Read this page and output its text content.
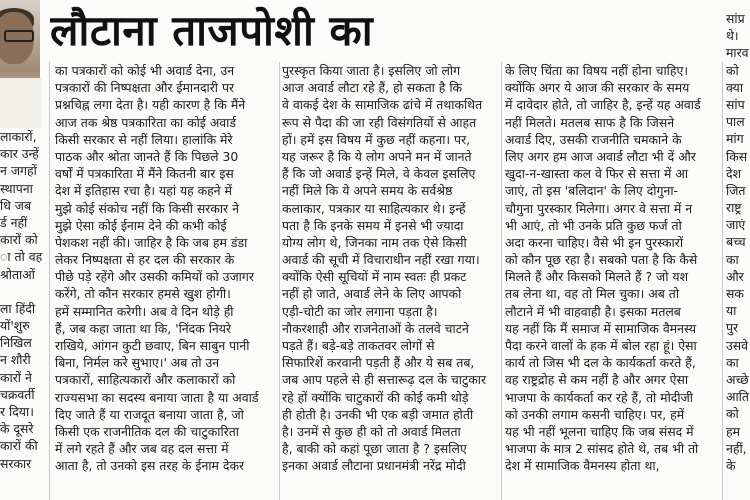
लौटाना ताजपोशी का
लाकारों,
कार उन्हें
न जगहों
स्थापना
धि जब
र्ड नहीं
कारों को
ा तो वह
श्रोताओं
ला हिंदी
यों'शुरु
निखिल
न शौरी
कारों ने
चक्रवर्ती
र दिया।
के दूसरे
कारों की
सरकार
का पत्रकारों को कोई भी अवार्ड देना, उन
पत्रकारों की निष्पक्षता और ईमानदारी पर
प्रश्नचिह्न लगा देता है। यही कारण है कि मैंने
आज तक श्रेष्ठ पत्रकारिता का कोई अवार्ड
किसी सरकार से नहीं लिया। हालांकि मेरे
पाठक और श्रोता जानते हैं कि पिछले 30
वर्षों में पत्रकारिता में मैंने कितनी बार इस
देश में इतिहास रचा है। यहां यह कहने में
मुझे कोई संकोच नहीं कि किसी सरकार ने
मुझे ऐसा कोई ईनाम देने की कभी कोई
पेशकश नहीं की। जाहिर है कि जब हम डंडा
लेकर निष्पक्षता से हर दल की सरकार के
पीछे पड़े रहेंगे और उसकी कमियों को उजागर
करेंगे, तो कौन सरकार हमसे खुश होगी।
हमें सम्मानित करेगी। अब वे दिन थोड़े ही
हैं, जब कहा जाता था कि, 'निंदक नियरे
राखिये, आंगन कुटी छवाए, बिन साबुन पानी
बिना, निर्मल करे सुभाए।' अब तो उन
पत्रकारों, साहित्यकारों और कलाकारों को
राज्यसभा का सदस्य बनाया जाता है या अवार्ड
दिए जाते हैं या राजदूत बनाया जाता है, जो
किसी एक राजनीतिक दल की चाटुकारिता
में लगे रहते हैं और जब वह दल सत्ता में
आता है, तो उनको इस तरह के ईनाम देकर
पुरस्कृत किया जाता है। इसलिए जो लोग
आज अवार्ड लौटा रहे हैं, हो सकता है कि
वे वाकई देश के सामाजिक ढांचे में तथाकथित
रूप से पैदा की जा रही विसंगतियों से आहत
हों। हमें इस विषय में कुछ नहीं कहना। पर,
यह जरूर है कि ये लोग अपने मन में जानते
हैं कि जो अवार्ड इन्हें मिले, वे केवल इसलिए
नहीं मिले कि ये अपने समय के सर्वश्रेष्ठ
कलाकार, पत्रकार या साहित्यकार थे। इन्हें
पता है कि इनके समय में इनसे भी ज्यादा
योग्य लोग थे, जिनका नाम तक ऐसे किसी
अवार्ड की सूची में विचाराधीन नहीं रखा गया।
क्योंकि ऐसी सूचियों में नाम स्वतः ही प्रकट
नहीं हो जाते, अवार्ड लेने के लिए आपको
एड़ी-चोटी का जोर लगाना पड़ता है।
नौकरशाही और राजनेताओं के तलवे चाटने
पड़ते हैं। बड़े-बड़े ताकतवर लोगों से
सिफारिशें करवानी पड़ती हैं और ये सब तब,
जब आप पहले से ही सत्तारूढ़ दल के चाटुकार
रहे हों क्योंकि चाटुकारों की कोई कमी थोड़े
ही होती है। उनकी भी एक बड़ी जमात होती
है। उनमें से कुछ ही को तो अवार्ड मिलता
है, बाकी को कहां पूछा जाता है ? इसलिए
इनका अवार्ड लौटाना प्रधानमंत्री नरेंद्र मोदी
के लिए चिंता का विषय नहीं होना चाहिए।
क्योंकि अगर ये आज की सरकार के समय
में दावेदार होते, तो जाहिर है, इन्हें यह अवार्ड
नहीं मिलते। मतलब साफ है कि जिसने
अवार्ड दिए, उसकी राजनीति चमकाने के
लिए अगर हम आज अवार्ड लौटा भी दें और
खुदा-न-खास्ता कल वे फिर से सत्ता में आ
जाएं, तो इस 'बलिदान' के लिए दोगुना-
चौगुना पुरस्कार मिलेगा। अगर वे सत्ता में न
भी आएं, तो भी उनके प्रति कुछ फर्ज तो
अदा करना चाहिए। वैसे भी इन पुरस्कारों
को कौन पूछ रहा है। सबको पता है कि कैसे
मिलते हैं और किसको मिलते हैं ? जो यश
तब लेना था, वह तो मिल चुका। अब तो
लौटाने में भी वाहवाही है। इसका मतलब
यह नहीं कि मैं समाज में सामाजिक वैमनस्य
पैदा करने वालों के हक में बोल रहा हूं। ऐसा
कार्य तो जिस भी दल के कार्यकर्ता करते हैं,
वह राष्ट्रद्रोह से कम नहीं है और अगर ऐसा
भाजपा के कार्यकर्ता कर रहे हैं, तो मोदीजी
को उनकी लगाम कसनी चाहिए। पर, हमें
यह भी नहीं भूलना चाहिए कि जब संसद में
भाजपा के मात्र 2 सांसद होते थे, तब भी तो
देश में सामाजिक वैमनस्य होता था,
सांप्र
थे।
मारव
को
क्या
सांप
पाल
मांग
किस
देश
जित
राष्ट्र
जाएं
बच्च
का
और
सक
या
पुर
उसवे
का
अच्छे
आति
को
हम
नहीं,
के
